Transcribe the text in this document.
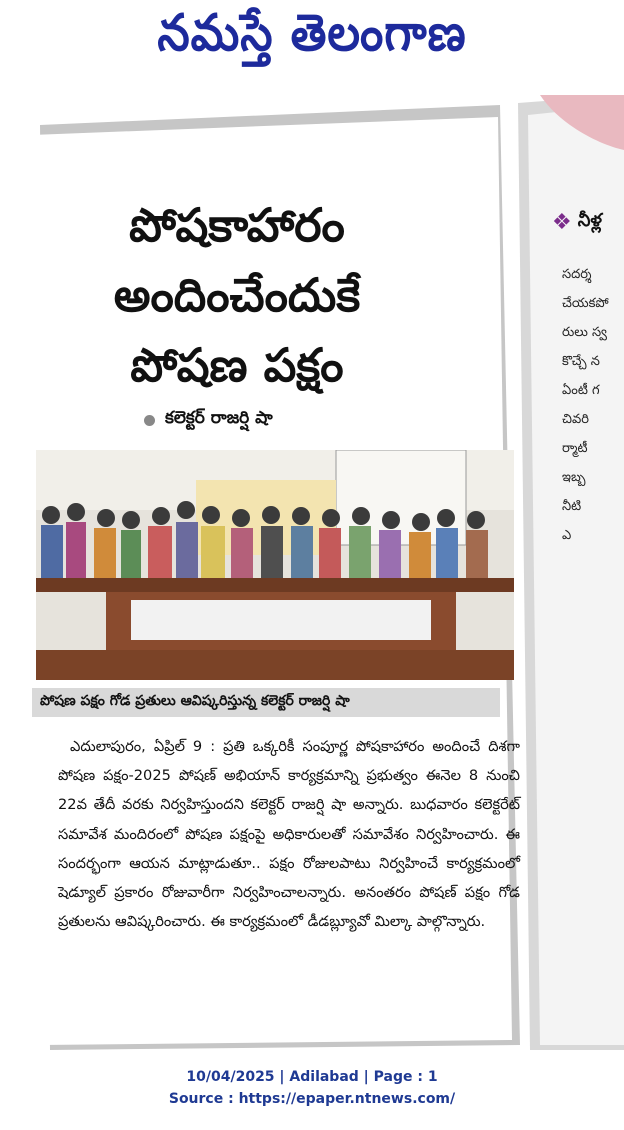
నమస్తే తెలంగాణ
❖ నీళ్ల
సదర్శ
చేయకపో
రులు స్వ
కొచ్చే న
ఏంటీ గ
చివరి
ర్మాటీ
ఇబ్బ
నీటి
ఎ
పోషకాహారం
అందించేందుకే
పోషణ పక్షం
కలెక్టర్ రాజర్షి షా
పోషణ పక్షం గోడ ప్రతులు ఆవిష్కరిస్తున్న కలెక్టర్ రాజర్షి షా
ఎదులాపురం, ఏప్రిల్ 9 : ప్రతి ఒక్కరికీ సంపూర్ణ పోషకాహారం అందించే దిశగా పోషణ పక్షం-2025 పోషణ్ అభియాన్ కార్యక్రమాన్ని ప్రభుత్వం ఈనెల 8 నుంచి 22వ తేదీ వరకు నిర్వహిస్తుందని కలెక్టర్ రాజర్షి షా అన్నారు. బుధవారం కలెక్టరేట్ సమావేశ మందిరంలో పోషణ పక్షంపై అధికారులతో సమావేశం నిర్వహించారు. ఈ సందర్భంగా ఆయన మాట్లాడుతూ.. పక్షం రోజులపాటు నిర్వహించే కార్యక్రమంలో షెడ్యూల్ ప్రకారం రోజువారీగా నిర్వహించాలన్నారు. అనంతరం పోషణ్ పక్షం గోడ ప్రతులను ఆవిష్కరించారు. ఈ కార్యక్రమంలో డీడబ్ల్యూవో మిల్కా పాల్గొన్నారు.
10/04/2025 | Adilabad | Page : 1
Source : https://epaper.ntnews.com/
